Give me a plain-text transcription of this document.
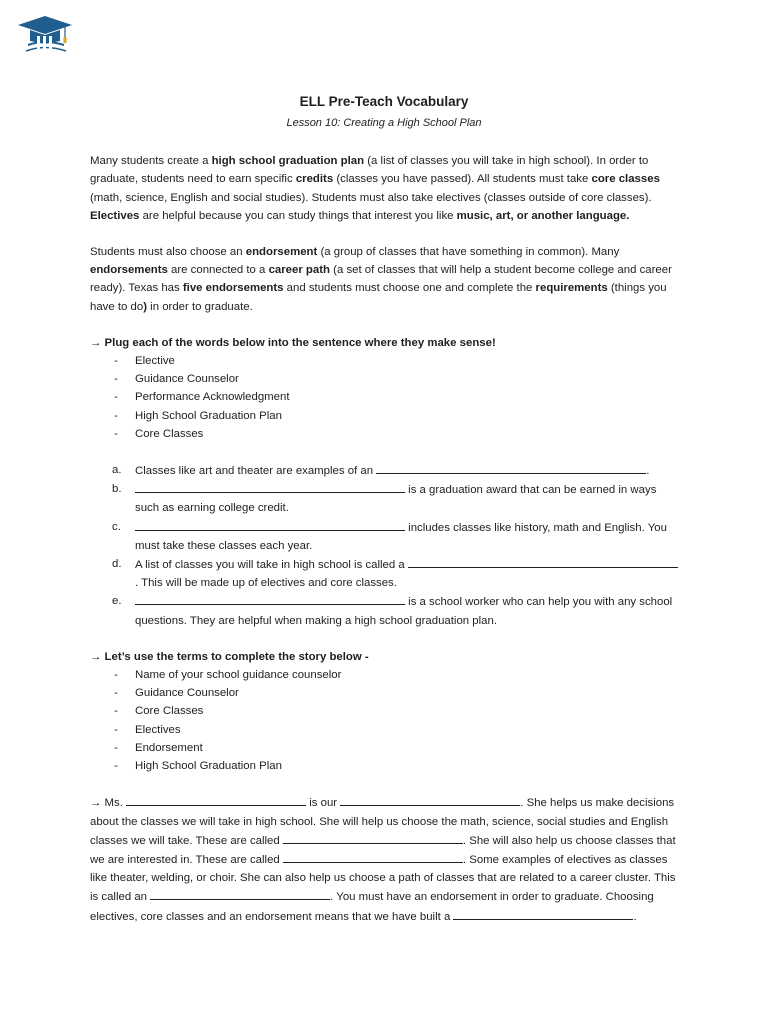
ELL Pre-Teach Vocabulary
Lesson 10: Creating a High School Plan

Many students create a high school graduation plan (a list of classes you will take in high school). In order to graduate, students need to earn specific credits (classes you have passed). All students must take core classes (math, science, English and social studies). Students must also take electives (classes outside of core classes). Electives are helpful because you can study things that interest you like music, art, or another language.

Students must also choose an endorsement (a group of classes that have something in common). Many endorsements are connected to a career path (a set of classes that will help a student become college and career ready). Texas has five endorsements and students must choose one and complete the requirements (things you have to do) in order to graduate.

→ Plug each of the words below into the sentence where they make sense!
- Elective
- Guidance Counselor
- Performance Acknowledgment
- High School Graduation Plan
- Core Classes
a. Classes like art and theater are examples of an	.
b.	is a graduation award that can be earned in ways such as earning college credit.
c.	includes classes like history, math and English. You must take these classes each year.
d. A list of classes you will take in high school is called a . This will be made up of electives and core classes.
e.	is a school worker who can help you with any school questions. They are helpful when making a high school graduation plan.
→ Let’s use the terms to complete the story below -
- Name of your school guidance counselor
- Guidance Counselor
- Core Classes
- Electives
- Endorsement
- High School Graduation Plan

→ Ms.	is our	. She helps us make decisions about the classes we will take in high school. She will help us choose the math, science, social studies and English classes we will take. These are called	. She will also help us choose classes that we are interested in. These are called	. Some examples of electives as classes like theater, welding, or choir. She can also help us choose a path of classes that are related to a career cluster. This is called an	. You must have an endorsement in order to graduate. Choosing electives, core classes and an endorsement means that we have built a	.
